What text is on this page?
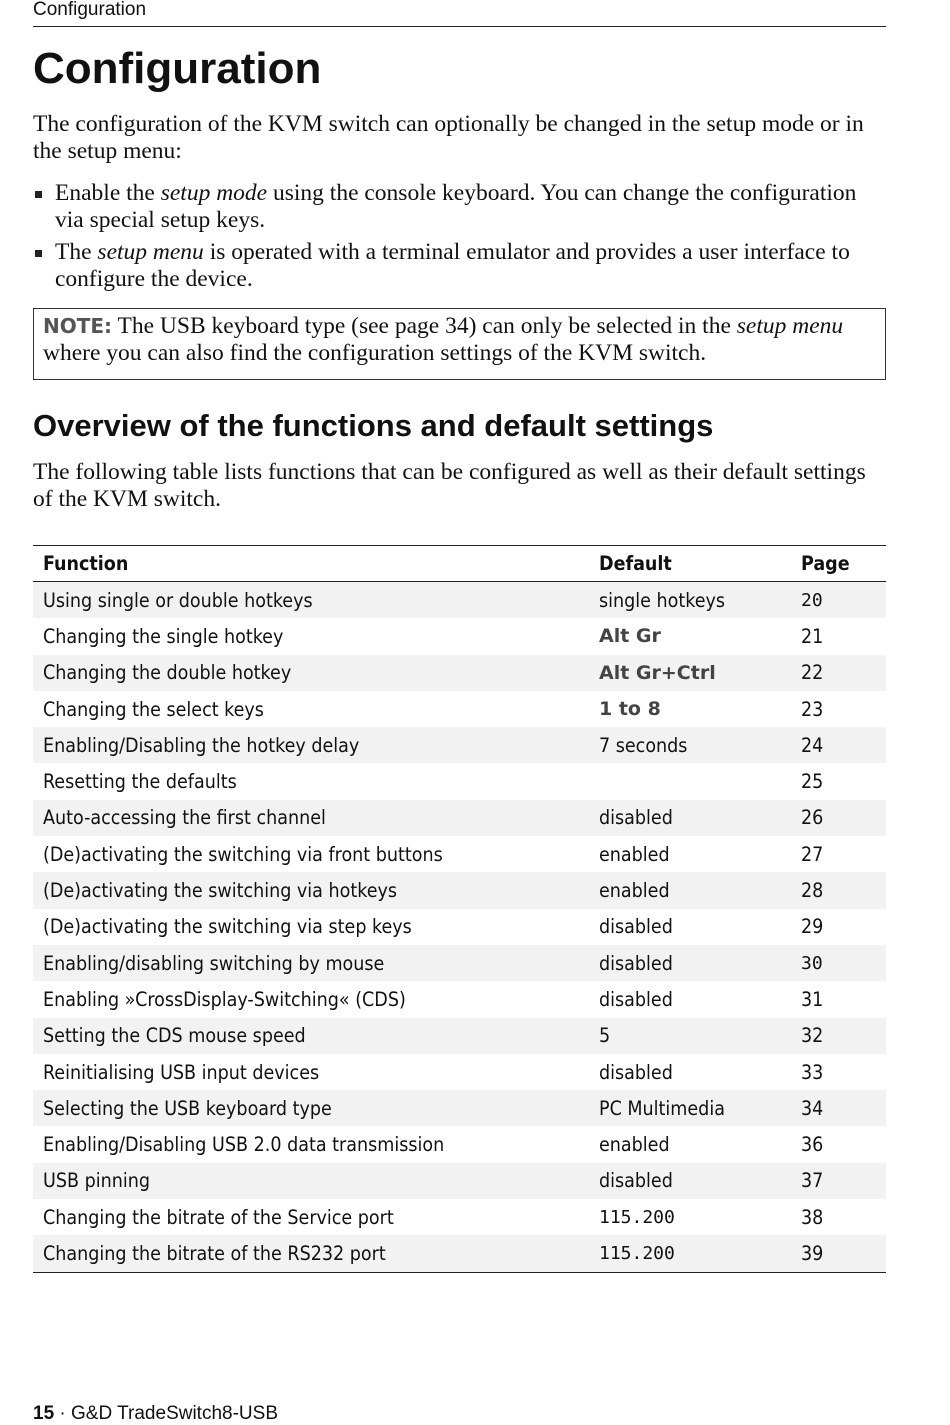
Configuration
Configuration

The configuration of the KVM switch can optionally be changed in the setup mode or in the setup menu:

Enable the setup mode using the console keyboard. You can change the configuration via special setup keys.
The setup menu is operated with a terminal emulator and provides a user interface to configure the device.
NOTE: The USB keyboard type (see page 34) can only be selected in the setup menu where you can also find the configuration settings of the KVM switch.
Overview of the functions and default settings

The following table lists functions that can be configured as well as their default settings of the KVM switch.

Function	Default	Page
Using single or double hotkeys	single hotkeys	20
Changing the single hotkey	Alt Gr	21
Changing the double hotkey	Alt Gr+Ctrl	22
Changing the select keys	1 to 8	23
Enabling/Disabling the hotkey delay	7 seconds	24
Resetting the defaults		25
Auto-accessing the first channel	disabled	26
(De)activating the switching via front buttons	enabled	27
(De)activating the switching via hotkeys	enabled	28
(De)activating the switching via step keys	disabled	29
Enabling/disabling switching by mouse	disabled	30
Enabling »CrossDisplay-Switching« (CDS)	disabled	31
Setting the CDS mouse speed	5	32
Reinitialising USB input devices	disabled	33
Selecting the USB keyboard type	PC Multimedia	34
Enabling/Disabling USB 2.0 data transmission	enabled	36
USB pinning	disabled	37
Changing the bitrate of the Service port	115.200	38
Changing the bitrate of the RS232 port	115.200	39
15 · G&D TradeSwitch8-USB
